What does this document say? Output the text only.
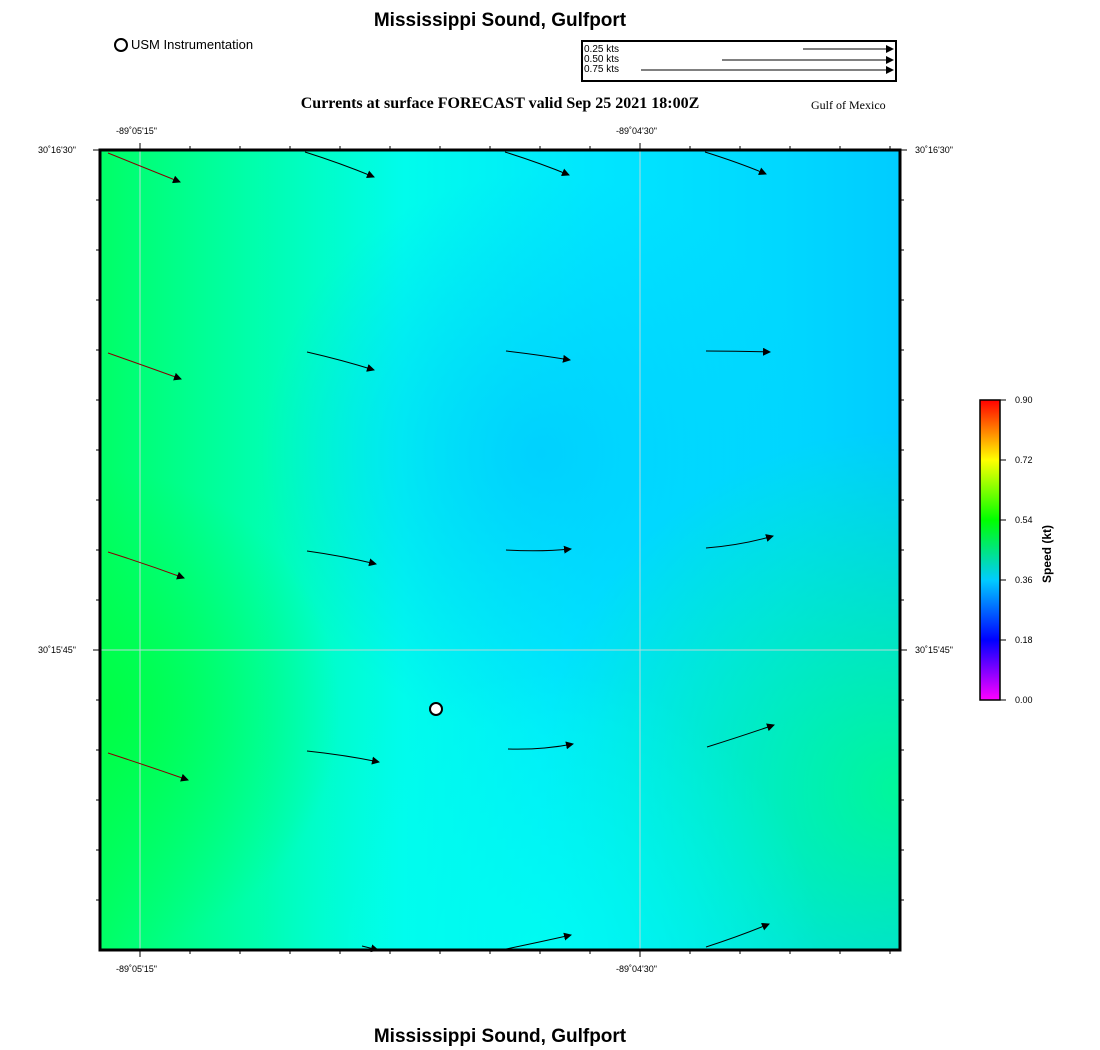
Mississippi Sound, Gulfport
USM Instrumentation	0.25 kts
0.50 kts
0.75 kts
Currents at surface FORECAST valid Sep 25 2021 18:00Z	Gulf of Mexico
-89˚05'15"	-89˚04'30"
-89˚05'15"	-89˚04'30"
30˚16'30"
30˚15'45"
30˚16'30"
30˚15'45"
0.90
0.72
0.54
0.36
0.18
0.00
Speed (kt)
Mississippi Sound, Gulfport
